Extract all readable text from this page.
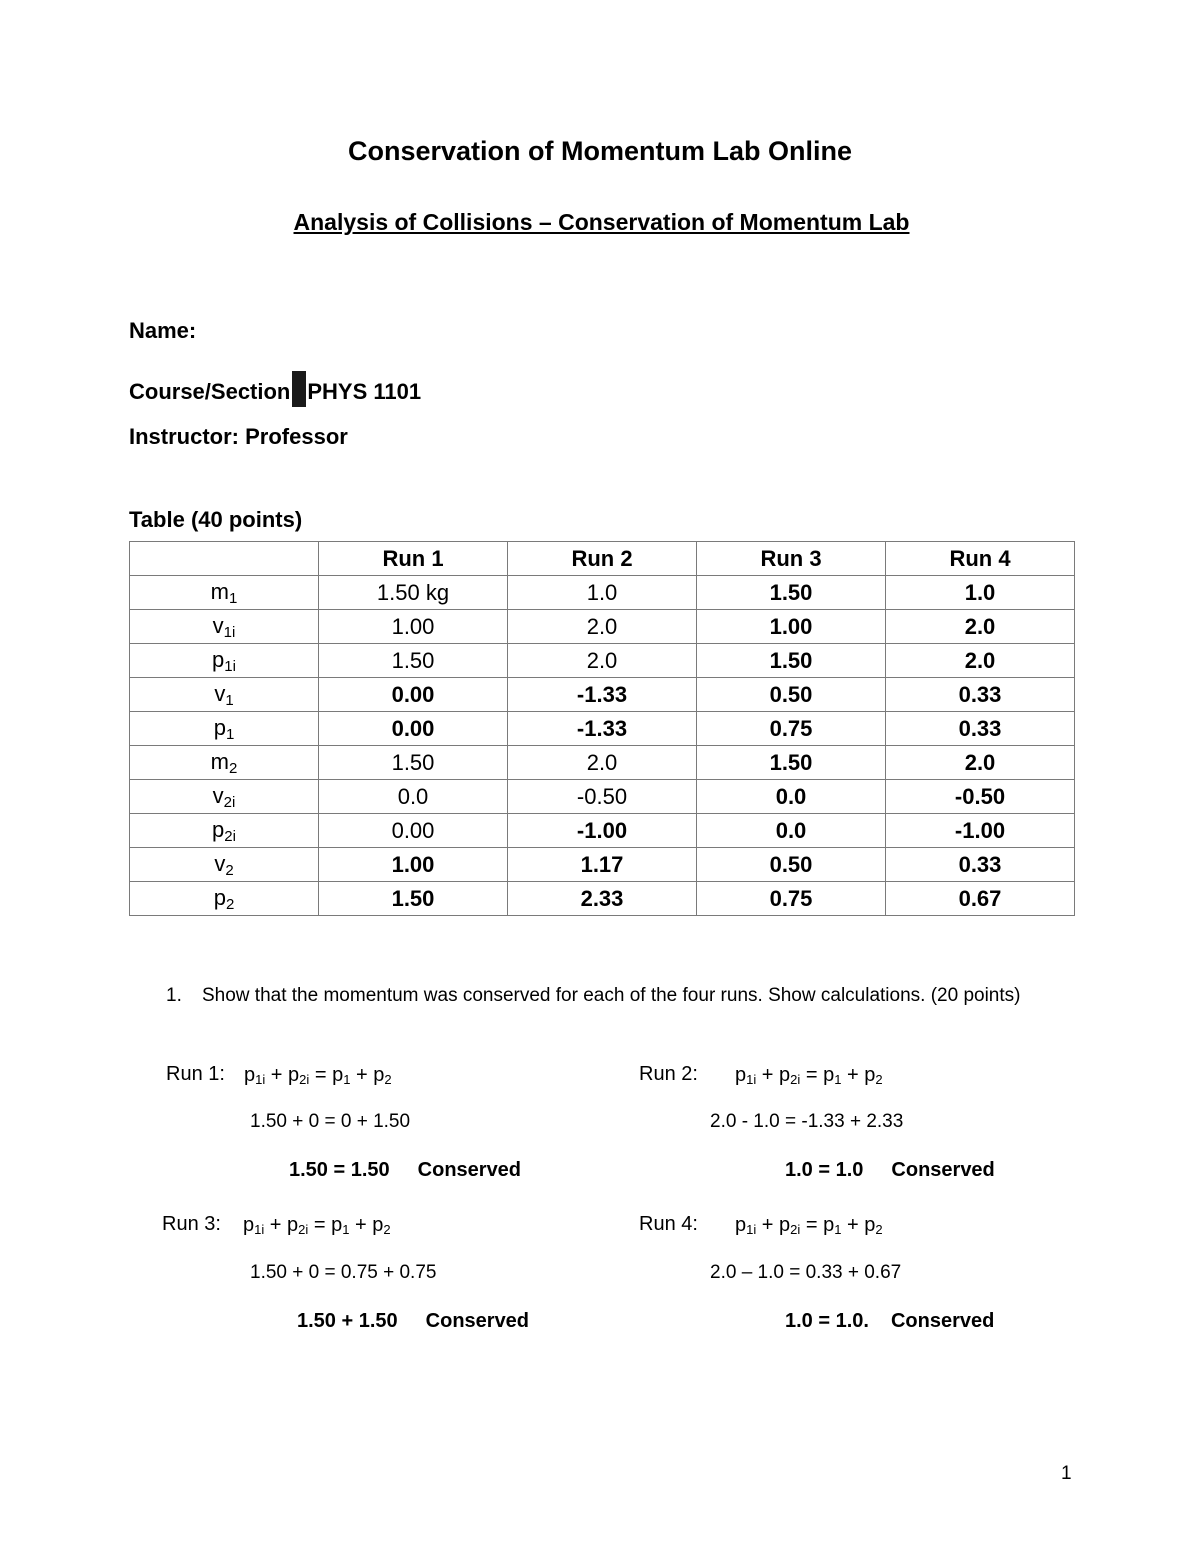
Conservation of Momentum Lab Online
Analysis of Collisions – Conservation of Momentum Lab
Name:
Course/Section PHYS 1101
Instructor: Professor
Table (40 points)
	Run 1	Run 2	Run 3	Run 4
$m_1$	1.50 kg	1.0	1.50	1.0
$v_{1i}$	1.00	2.0	1.00	2.0
$p_{1i}$	1.50	2.0	1.50	2.0
$v_1$	0.00	-1.33	0.50	0.33
$p_1$	0.00	-1.33	0.75	0.33
$m_2$	1.50	2.0	1.50	2.0
$v_{2i}$	0.0	-0.50	0.0	-0.50
$p_{2i}$	0.00	-1.00	0.0	-1.00
$v_2$	1.00	1.17	0.50	0.33
$p_2$	1.50	2.33	0.75	0.67
1. Show that the momentum was conserved for each of the four runs. Show calculations. (20 points)
Run 1: $p_{1i} + p_{2i} = p_1 + p_2$
1.50 + 0 = 0 + 1.50
1.50 = 1.50 Conserved
Run 2: $p_{1i} + p_{2i} = p_1 + p_2$
2.0 - 1.0 = -1.33 + 2.33
1.0 = 1.0 Conserved
Run 3: $p_{1i} + p_{2i} = p_1 + p_2$
1.50 + 0 = 0.75 + 0.75
1.50 + 1.50 Conserved
Run 4: $p_{1i} + p_{2i} = p_1 + p_2$
2.0 – 1.0 = 0.33 + 0.67
1.0 = 1.0. Conserved
1
